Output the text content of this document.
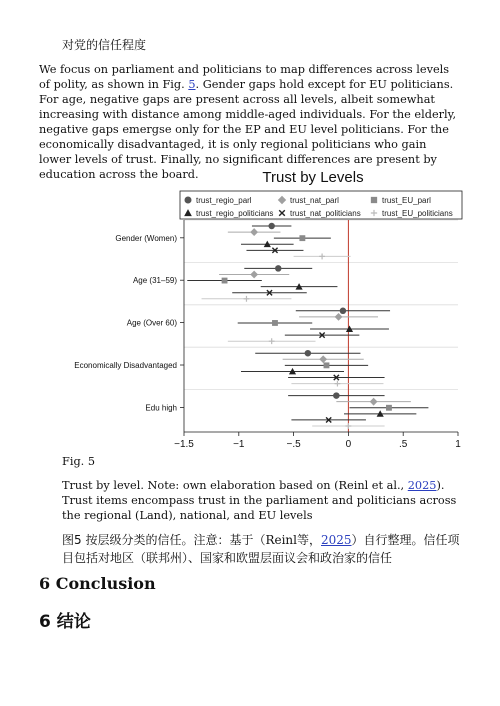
对党的信任程度

We focus on parliament and politicians to map differences across levels of polity, as shown in Fig. 5. Gender gaps hold except for EU politicians. For age, negative gaps are present across all levels, albeit somewhat increasing with distance among middle-aged individuals. For the elderly, negative gaps emergse only for the EP and EU level politicians. For the economically disadvantaged, it is only regional politicians who gain lower levels of trust. Finally, no significant differences are present by education across the board.	Trust by Levels
trust_regio_parl	trust_nat_parl	trust_EU_parl
trust_regio_politicians trust_nat_politicians	trust_EU_politicians
−1.5	−1	−.5	0	.5	1
Gender (Women)
Age (31–59)
Age (Over 60)
Economically Disadvantaged
Edu high
Fig. 5

Trust by level. Note: own elaboration based on (Reinl et al., 2025). Trust items encompass trust in the parliament and politicians across the regional (Land), national, and EU levels

图5 按层级分类的信任。注意：基于（Reinl等，2025）自行整理。信任项目包括对地区（联邦州）、国家和欧盟层面议会和政治家的信任

6 Conclusion
6 结论
